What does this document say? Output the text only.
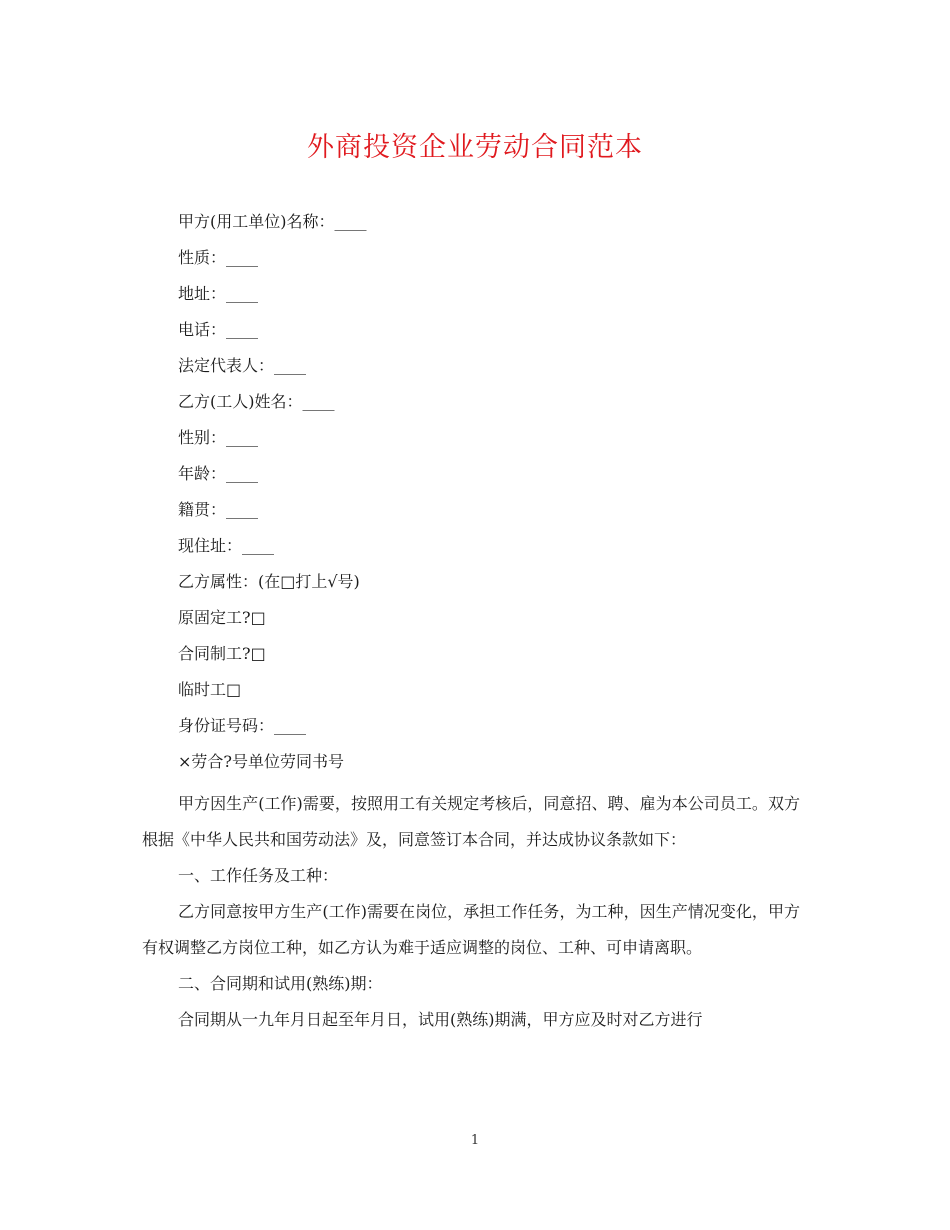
外商投资企业劳动合同范本
甲方(用工单位)名称：____
性质：____
地址：____
电话：____
法定代表人：____
乙方(工人)姓名：____
性别：____
年龄：____
籍贯：____
现住址：____
乙方属性：(在□打上√号)
原固定工?□
合同制工?□
临时工□
身份证号码：____
×劳合?号单位劳同书号

甲方因生产(工作)需要，按照用工有关规定考核后，同意招、聘、雇为本公司员工。双方根据《中华人民共和国劳动法》及，同意签订本合同，并达成协议条款如下：

一、工作任务及工种：

乙方同意按甲方生产(工作)需要在岗位，承担工作任务，为工种，因生产情况变化，甲方有权调整乙方岗位工种，如乙方认为难于适应调整的岗位、工种、可申请离职。

二、合同期和试用(熟练)期：

合同期从一九年月日起至年月日，试用(熟练)期满，甲方应及时对乙方进行

1
